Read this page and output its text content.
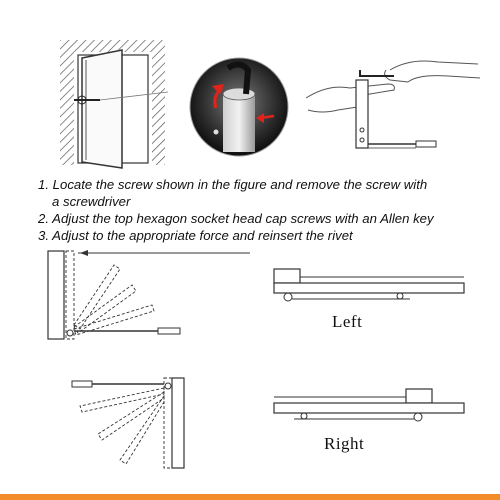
1. Locate the screw shown in the figure and remove the screw with

a screwdriver

2. Adjust the top hexagon socket head cap screws with an Allen key

3. Adjust to the appropriate force and reinsert the rivet

Left
Right
